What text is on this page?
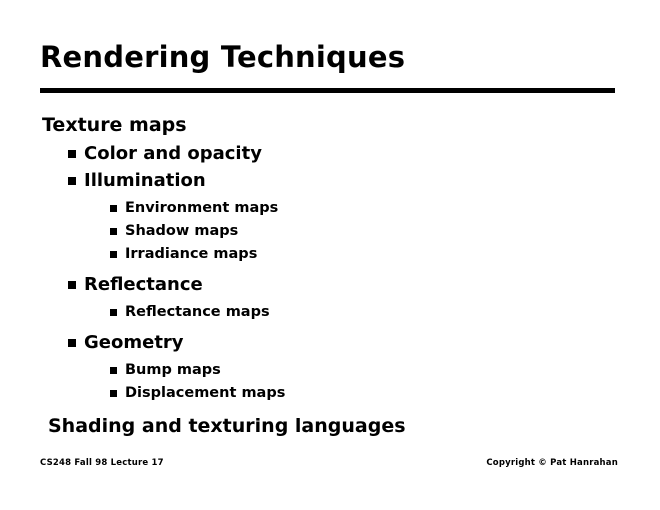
Rendering Techniques
Texture maps
Color and opacity
Illumination
Environment maps
Shadow maps
Irradiance maps
Reflectance
Reflectance maps
Geometry
Bump maps
Displacement maps
Shading and texturing languages
CS248 Fall 98 Lecture 17	Copyright © Pat Hanrahan
